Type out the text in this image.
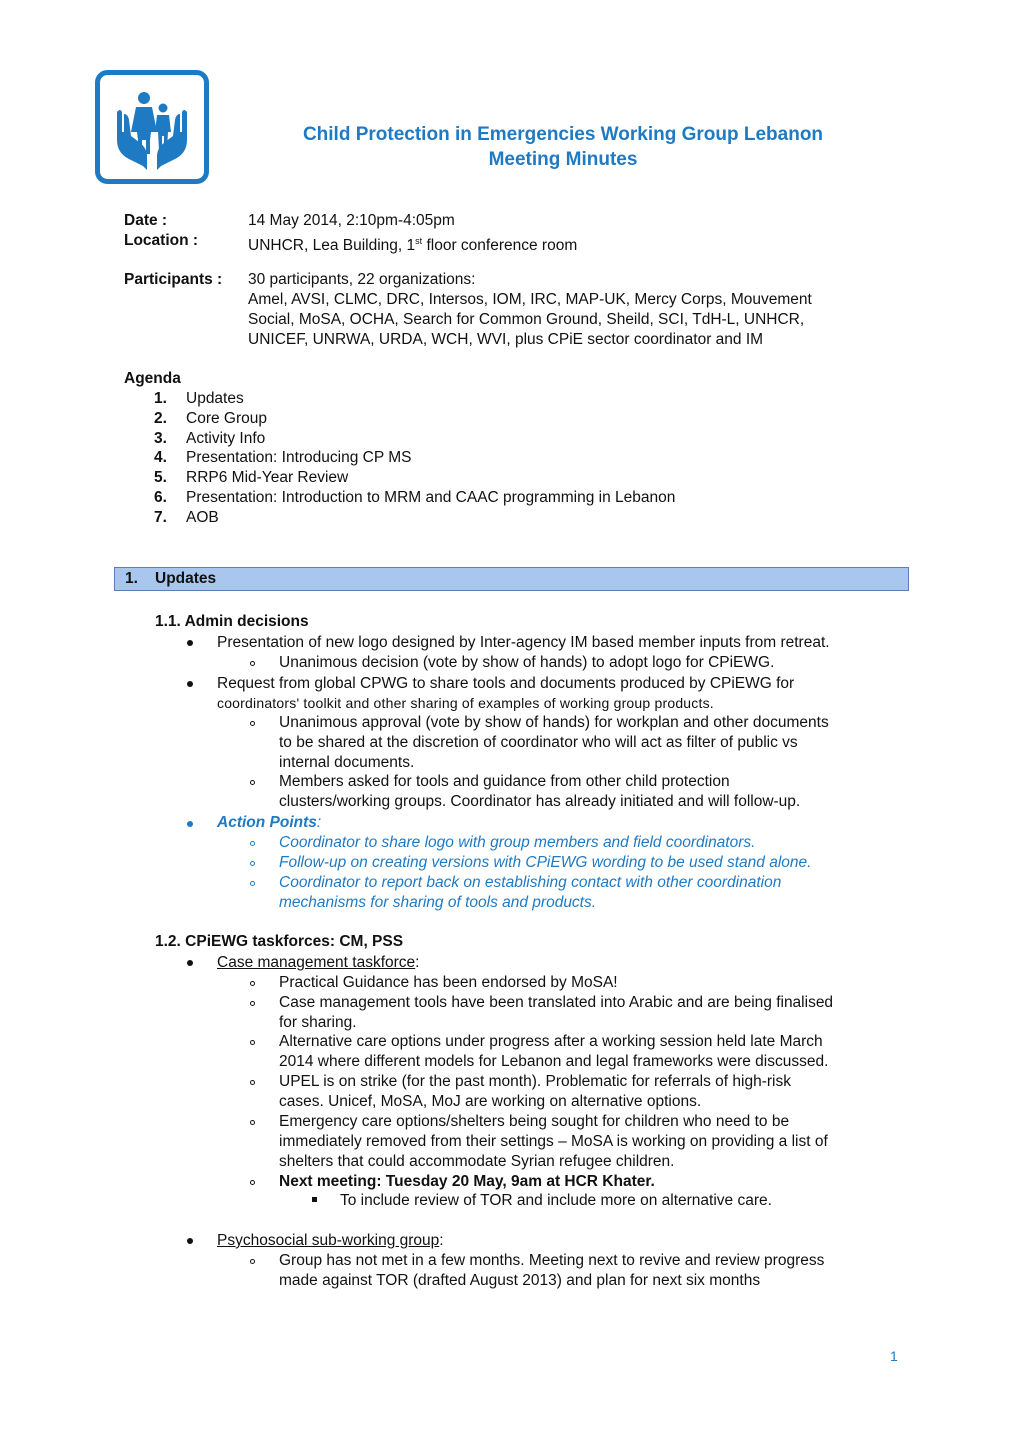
Child Protection in Emergencies Working Group Lebanon
Meeting Minutes
Date :	14 May 2014, 2:10pm-4:05pm
Location :	UNHCR, Lea Building, 1st floor conference room
Participants : 30 participants, 22 organizations:
Amel, AVSI, CLMC, DRC, Intersos, IOM, IRC, MAP-UK, Mercy Corps, Mouvement
Social, MoSA, OCHA, Search for Common Ground, Sheild, SCI, TdH-L, UNHCR,
UNICEF, UNRWA, URDA, WCH, WVI, plus CPiE sector coordinator and IM
Agenda
1. Updates
2. Core Group
3. Activity Info
4. Presentation: Introducing CP MS
5. RRP6 Mid-Year Review
6. Presentation: Introduction to MRM and CAAC programming in Lebanon
7. AOB
1. Updates
1.1. Admin decisions
Presentation of new logo designed by Inter-agency IM based member inputs from retreat.
Unanimous decision (vote by show of hands) to adopt logo for CPiEWG.
Request from global CPWG to share tools and documents produced by CPiEWG for
coordinators' toolkit and other sharing of examples of working group products.
Unanimous approval (vote by show of hands) for workplan and other documents
to be shared at the discretion of coordinator who will act as filter of public vs
internal documents.
Members asked for tools and guidance from other child protection
clusters/working groups. Coordinator has already initiated and will follow-up.
Action Points:
Coordinator to share logo with group members and field coordinators.
Follow-up on creating versions with CPiEWG wording to be used stand alone.
Coordinator to report back on establishing contact with other coordination
mechanisms for sharing of tools and products.
1.2. CPiEWG taskforces: CM, PSS
Case management taskforce:
Practical Guidance has been endorsed by MoSA!
Case management tools have been translated into Arabic and are being finalised
for sharing.
Alternative care options under progress after a working session held late March
2014 where different models for Lebanon and legal frameworks were discussed.
UPEL is on strike (for the past month). Problematic for referrals of high-risk
cases. Unicef, MoSA, MoJ are working on alternative options.
Emergency care options/shelters being sought for children who need to be
immediately removed from their settings – MoSA is working on providing a list of
shelters that could accommodate Syrian refugee children.
Next meeting: Tuesday 20 May, 9am at HCR Khater.
To include review of TOR and include more on alternative care.
Psychosocial sub-working group:
Group has not met in a few months. Meeting next to revive and review progress
made against TOR (drafted August 2013) and plan for next six months
1
